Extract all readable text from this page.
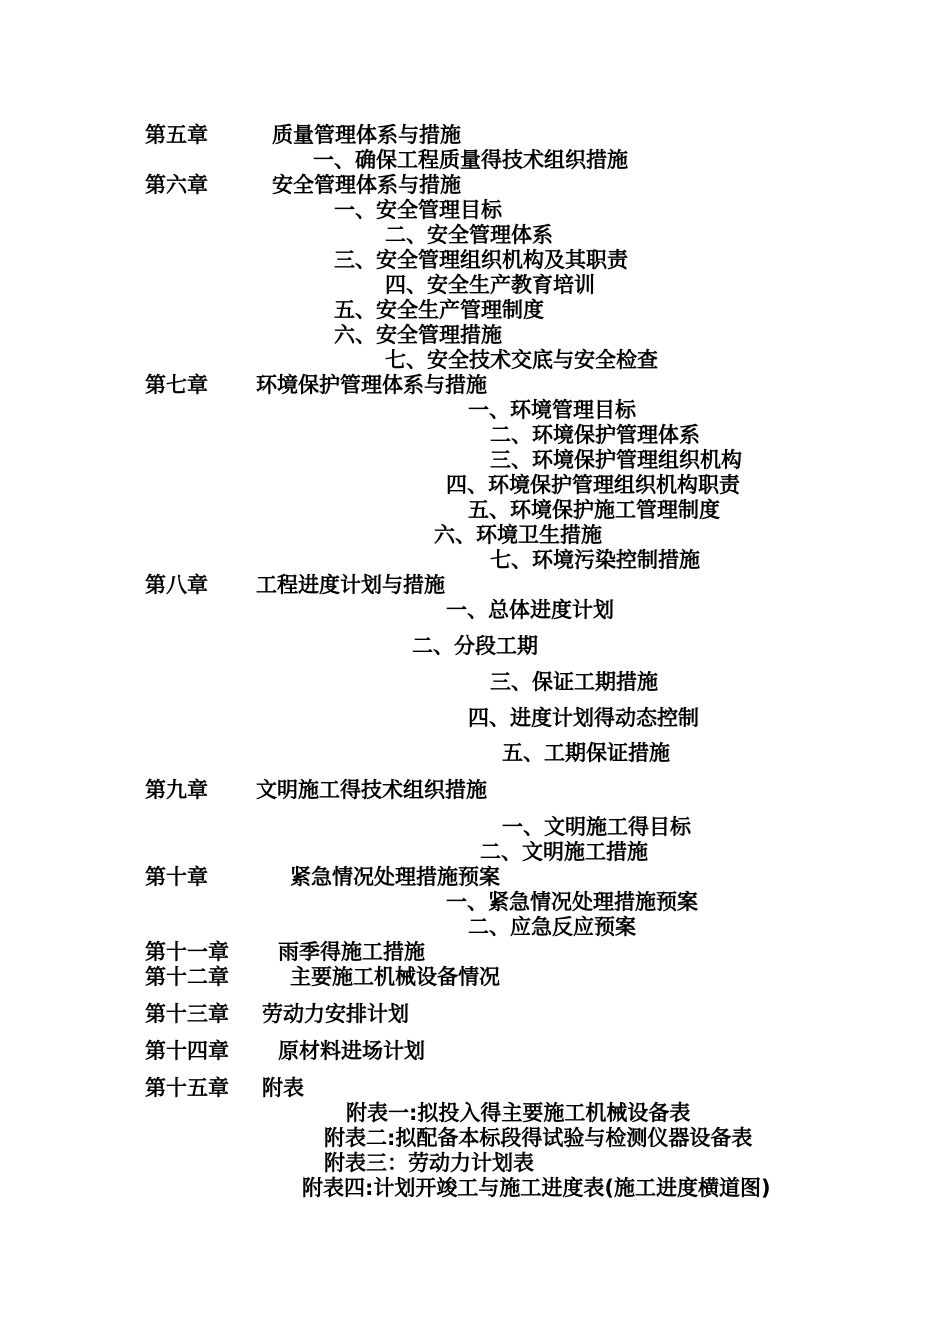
第五章	质量管理体系与措施
一、确保工程质量得技术组织措施
第六章	安全管理体系与措施
一、安全管理目标
二、安全管理体系
三、安全管理组织机构及其职责
四、安全生产教育培训
五、安全生产管理制度
六、安全管理措施
七、安全技术交底与安全检查
第七章 环境保护管理体系与措施
一、环境管理目标
二、环境保护管理体系
三、环境保护管理组织机构
四、环境保护管理组织机构职责
五、环境保护施工管理制度
六、环境卫生措施
七、环境污染控制措施
第八章 工程进度计划与措施
一、总体进度计划
二、分段工期
三、保证工期措施
四、进度计划得动态控制
五、工期保证措施
第九章 文明施工得技术组织措施
一、文明施工得目标
二、文明施工措施
第十章	紧急情况处理措施预案
一、紧急情况处理措施预案
二、应急反应预案
第十一章 雨季得施工措施
第十二章	主要施工机械设备情况
第十三章 劳动力安排计划
第十四章 原材料进场计划
第十五章 附表
附表一:拟投入得主要施工机械设备表
附表二:拟配备本标段得试验与检测仪器设备表
附表三：劳动力计划表
附表四:计划开竣工与施工进度表(施工进度横道图)
